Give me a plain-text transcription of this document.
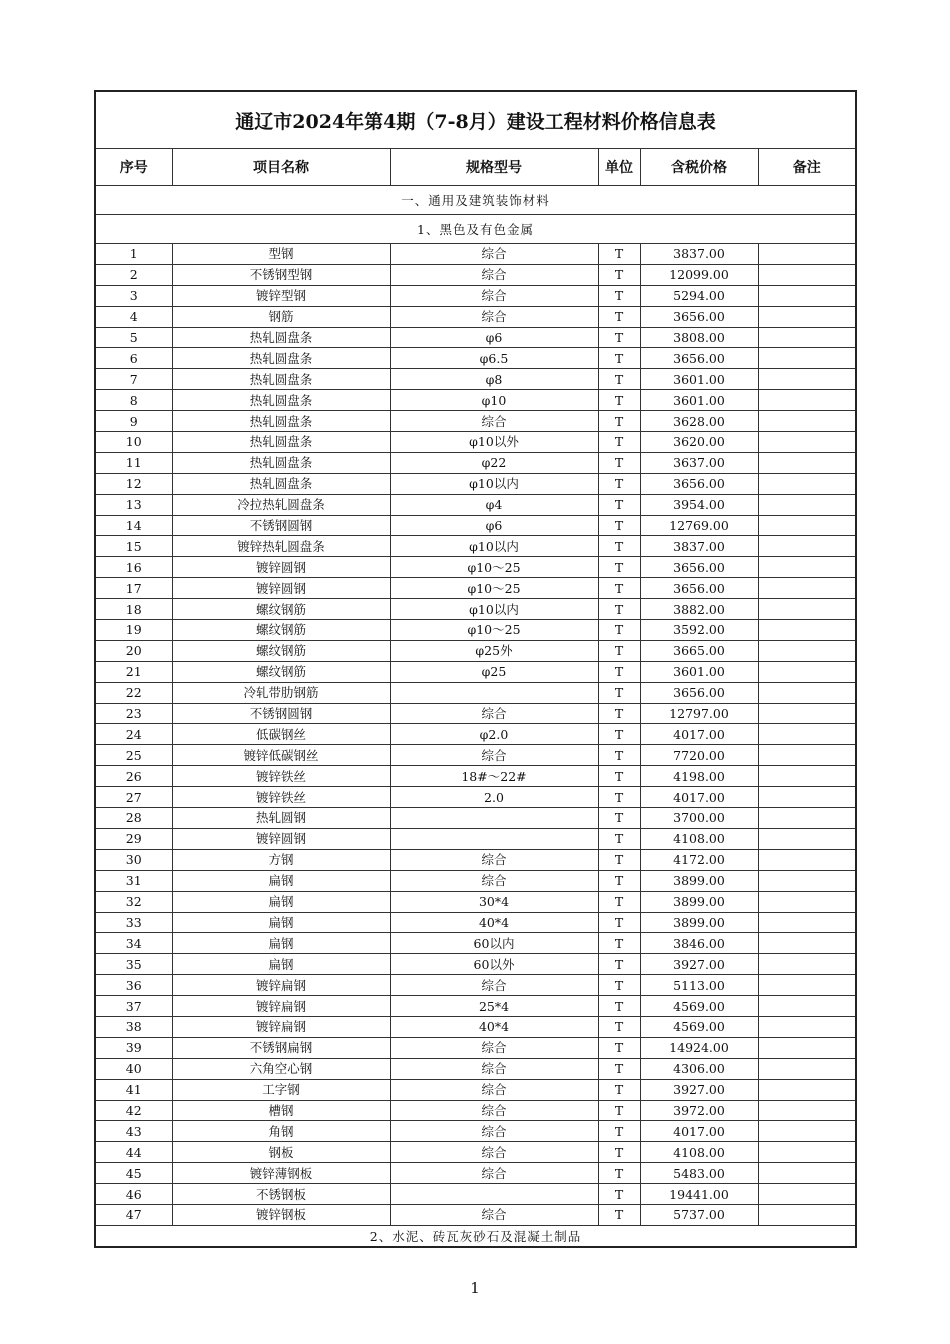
通辽市2024年第4期（7-8月）建设工程材料价格信息表					
序号	项目名称	规格型号	单位	含税价格	备注
一、通用及建筑装饰材料					
1、黑色及有色金属					
1	型钢	综合	T	3837.00	
2	不锈钢型钢	综合	T	12099.00	
3	镀锌型钢	综合	T	5294.00	
4	钢筋	综合	T	3656.00	
5	热轧圆盘条	φ6	T	3808.00	
6	热轧圆盘条	φ6.5	T	3656.00	
7	热轧圆盘条	φ8	T	3601.00	
8	热轧圆盘条	φ10	T	3601.00	
9	热轧圆盘条	综合	T	3628.00	
10	热轧圆盘条	φ10以外	T	3620.00	
11	热轧圆盘条	φ22	T	3637.00	
12	热轧圆盘条	φ10以内	T	3656.00	
13	冷拉热轧圆盘条	φ4	T	3954.00	
14	不锈钢圆钢	φ6	T	12769.00	
15	镀锌热轧圆盘条	φ10以内	T	3837.00	
16	镀锌圆钢	φ10～25	T	3656.00	
17	镀锌圆钢	φ10～25	T	3656.00	
18	螺纹钢筋	φ10以内	T	3882.00	
19	螺纹钢筋	φ10～25	T	3592.00	
20	螺纹钢筋	φ25外	T	3665.00	
21	螺纹钢筋	φ25	T	3601.00	
22	冷轧带肋钢筋		T	3656.00	
23	不锈钢圆钢	综合	T	12797.00	
24	低碳钢丝	φ2.0	T	4017.00	
25	镀锌低碳钢丝	综合	T	7720.00	
26	镀锌铁丝	18#～22#	T	4198.00	
27	镀锌铁丝	2.0	T	4017.00	
28	热轧圆钢		T	3700.00	
29	镀锌圆钢		T	4108.00	
30	方钢	综合	T	4172.00	
31	扁钢	综合	T	3899.00	
32	扁钢	30*4	T	3899.00	
33	扁钢	40*4	T	3899.00	
34	扁钢	60以内	T	3846.00	
35	扁钢	60以外	T	3927.00	
36	镀锌扁钢	综合	T	5113.00	
37	镀锌扁钢	25*4	T	4569.00	
38	镀锌扁钢	40*4	T	4569.00	
39	不锈钢扁钢	综合	T	14924.00	
40	六角空心钢	综合	T	4306.00	
41	工字钢	综合	T	3927.00	
42	槽钢	综合	T	3972.00	
43	角钢	综合	T	4017.00	
44	钢板	综合	T	4108.00	
45	镀锌薄钢板	综合	T	5483.00	
46	不锈钢板		T	19441.00	
47	镀锌钢板	综合	T	5737.00	
2、水泥、砖瓦灰砂石及混凝土制品					
1
